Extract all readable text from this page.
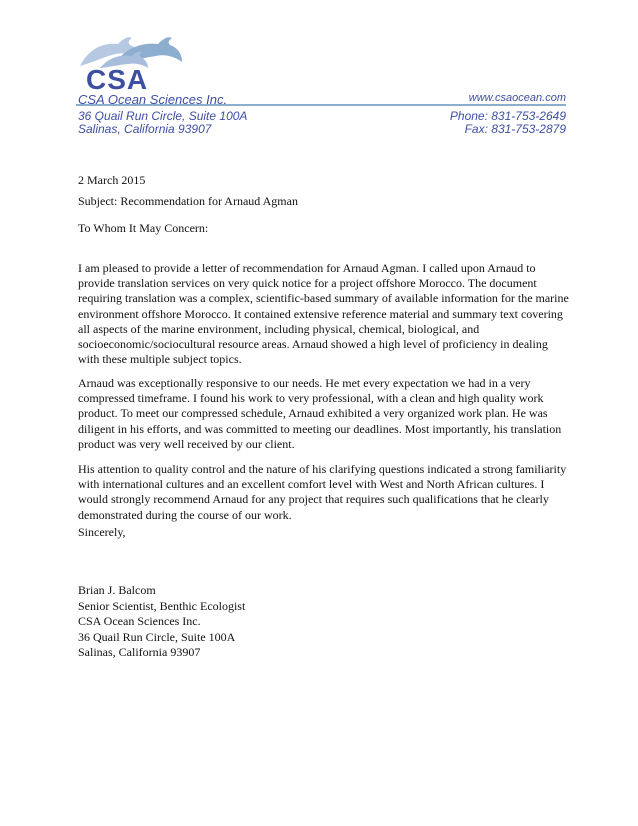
CSA
CSA Ocean Sciences Inc.
36 Quail Run Circle, Suite 100A
Salinas, California 93907
www.csaocean.com
Phone: 831-753-2649
Fax: 831-753-2879
2 March 2015
Subject: Recommendation for Arnaud Agman
To Whom It May Concern:

I am pleased to provide a letter of recommendation for Arnaud Agman. I called upon Arnaud to provide translation services on very quick notice for a project offshore Morocco. The document requiring translation was a complex, scientific-based summary of available information for the marine environment offshore Morocco. It contained extensive reference material and summary text covering all aspects of the marine environment, including physical, chemical, biological, and socioeconomic/sociocultural resource areas. Arnaud showed a high level of proficiency in dealing with these multiple subject topics.

Arnaud was exceptionally responsive to our needs. He met every expectation we had in a very compressed timeframe. I found his work to very professional, with a clean and high quality work product. To meet our compressed schedule, Arnaud exhibited a very organized work plan. He was diligent in his efforts, and was committed to meeting our deadlines. Most importantly, his translation product was very well received by our client.

His attention to quality control and the nature of his clarifying questions indicated a strong familiarity with international cultures and an excellent comfort level with West and North African cultures. I would strongly recommend Arnaud for any project that requires such qualifications that he clearly demonstrated during the course of our work.

Sincerely,
Brian J. Balcom
Senior Scientist, Benthic Ecologist
CSA Ocean Sciences Inc.
36 Quail Run Circle, Suite 100A
Salinas, California 93907
